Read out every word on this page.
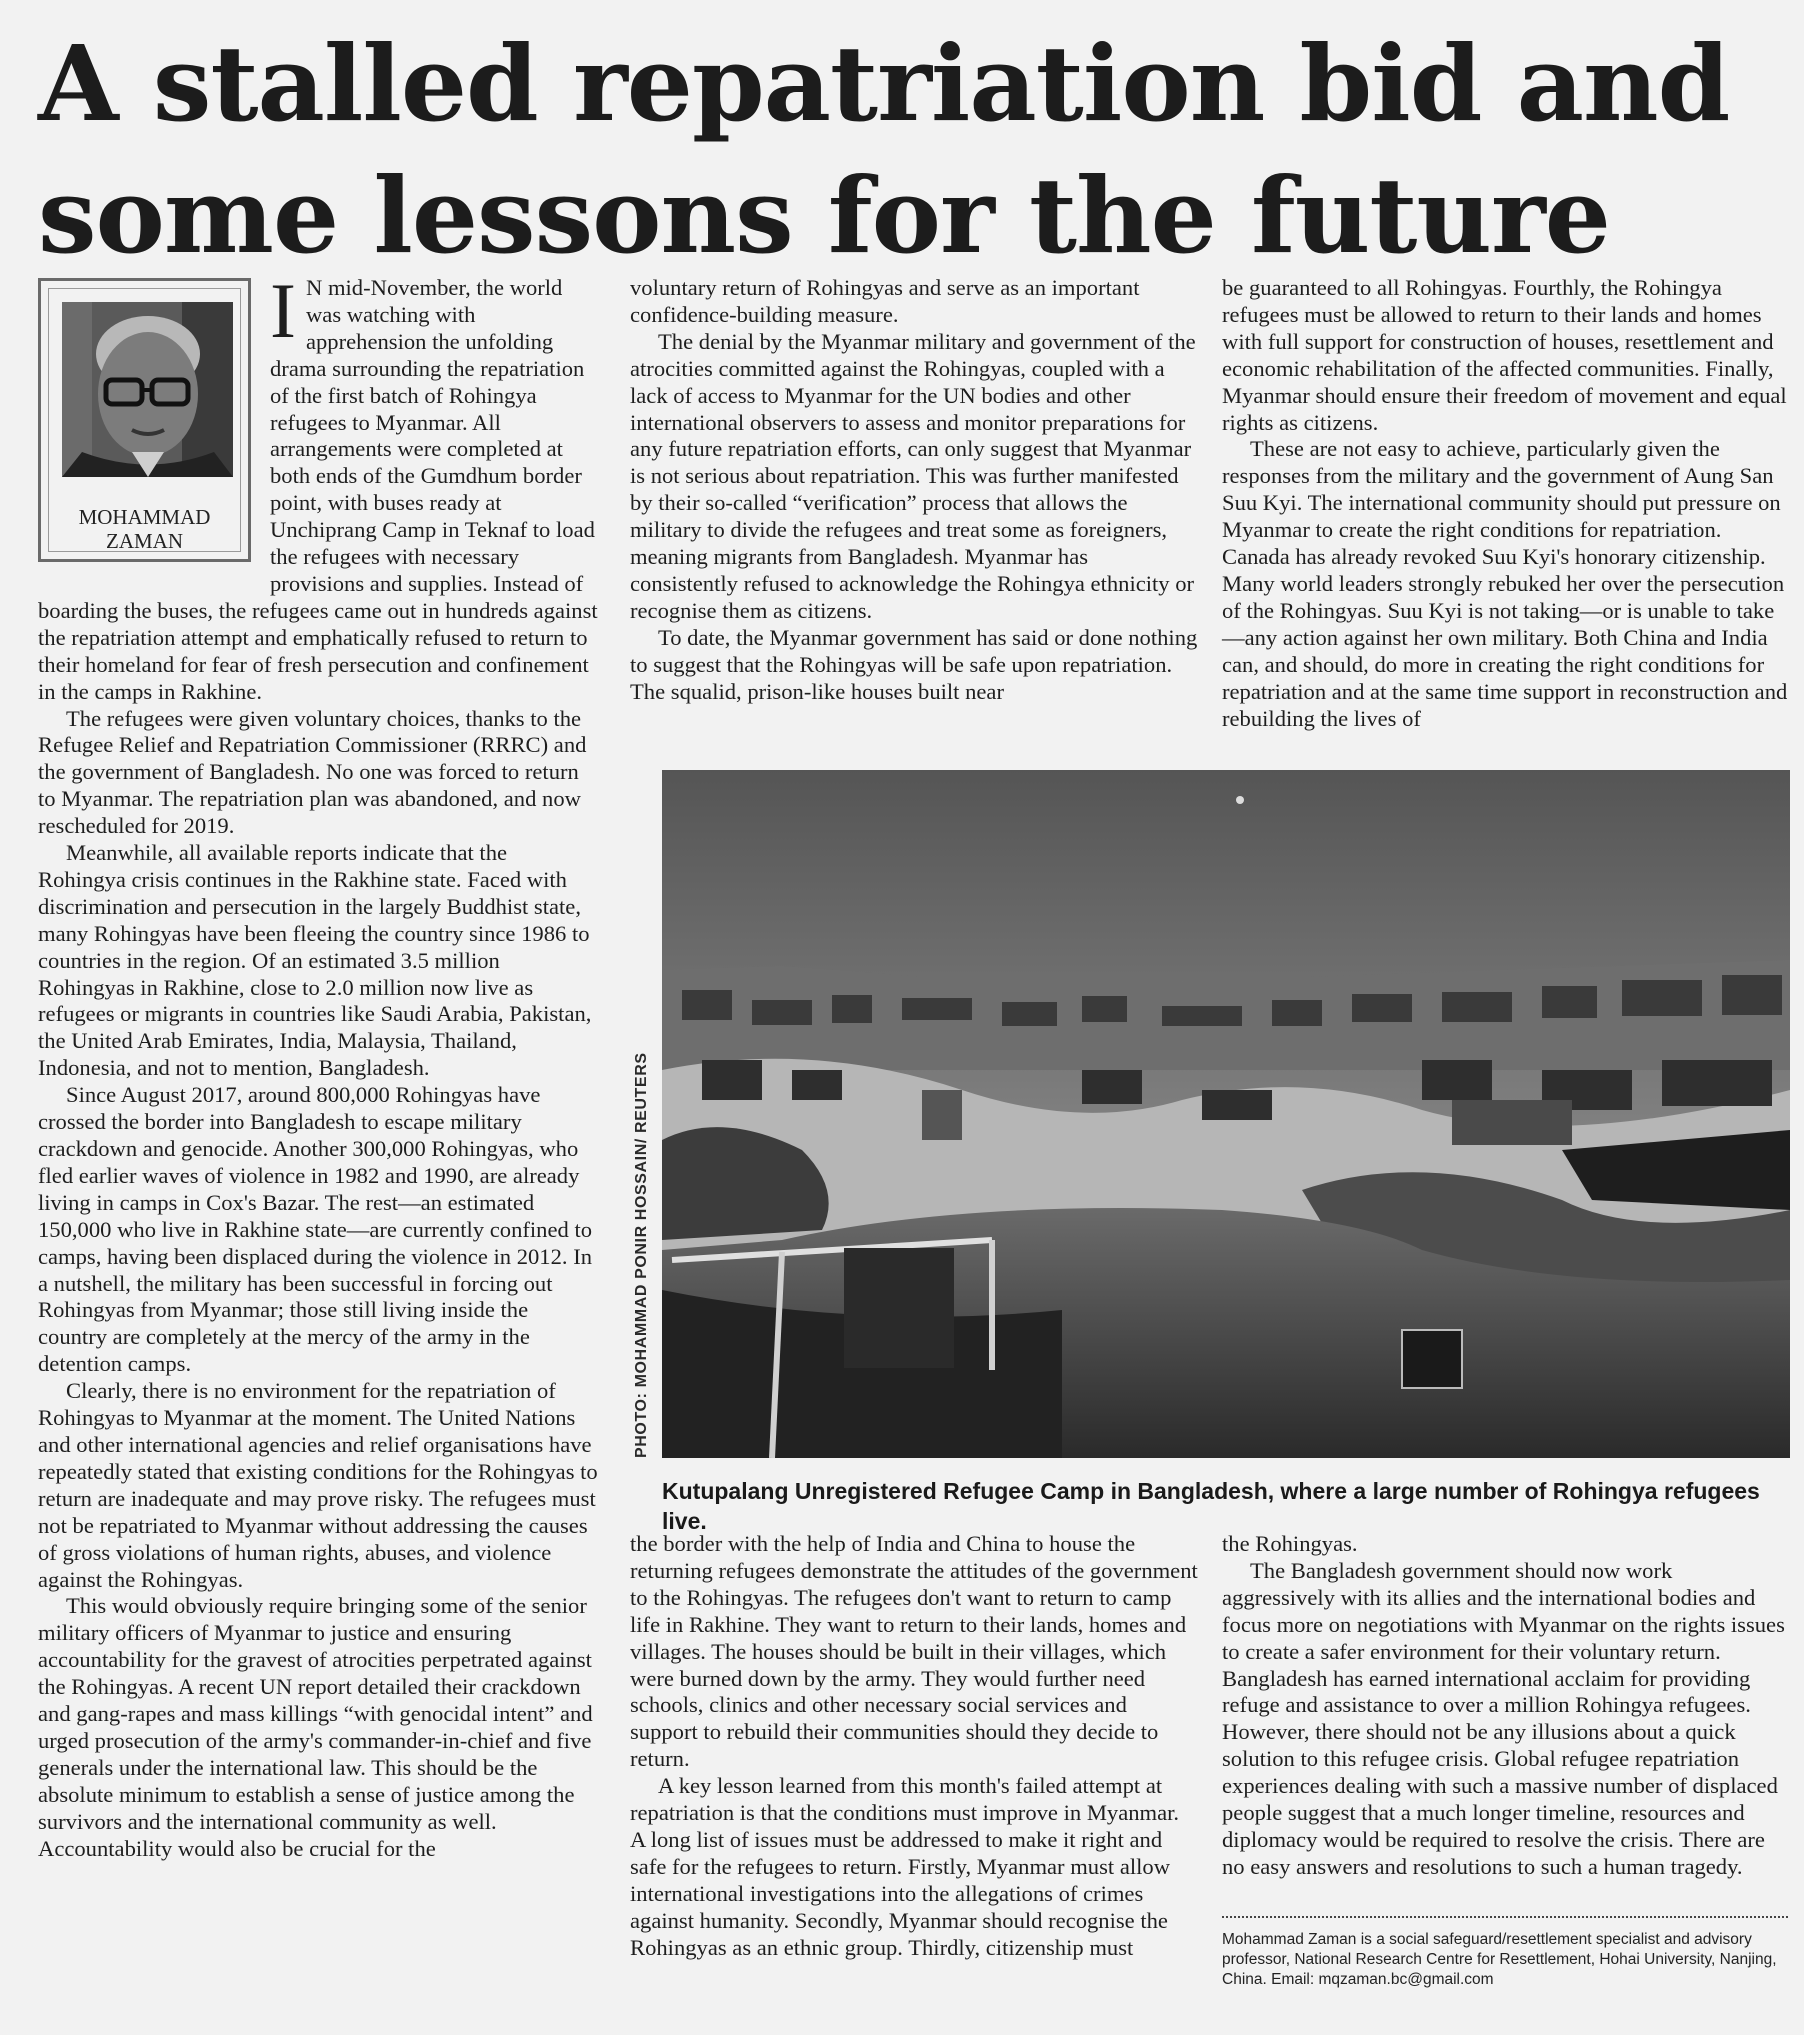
A stalled repatriation bid and some lessons for the future
MOHAMMAD
ZAMAN
I N mid-November, the world was watching with apprehension the unfolding drama surrounding the repatriation of the first batch of Rohingya refugees to Myanmar. All arrangements were completed at both ends of the Gumdhum border point, with buses ready at Unchiprang Camp in Teknaf to load the refugees with necessary provisions and supplies. Instead of boarding the buses, the refugees came out in hundreds against the repatriation attempt and emphatically refused to return to their homeland for fear of fresh persecution and confinement in the camps in Rakhine.

The refugees were given voluntary choices, thanks to the Refugee Relief and Repatriation Commissioner (RRRC) and the government of Bangladesh. No one was forced to return to Myanmar. The repatriation plan was abandoned, and now rescheduled for 2019.

Meanwhile, all available reports indicate that the Rohingya crisis continues in the Rakhine state. Faced with discrimination and persecution in the largely Buddhist state, many Rohingyas have been fleeing the country since 1986 to countries in the region. Of an estimated 3.5 million Rohingyas in Rakhine, close to 2.0 million now live as refugees or migrants in countries like Saudi Arabia, Pakistan, the United Arab Emirates, India, Malaysia, Thailand, Indonesia, and not to mention, Bangladesh.

Since August 2017, around 800,000 Rohingyas have crossed the border into Bangladesh to escape military crackdown and genocide. Another 300,000 Rohingyas, who fled earlier waves of violence in 1982 and 1990, are already living in camps in Cox's Bazar. The rest—an estimated 150,000 who live in Rakhine state—are currently confined to camps, having been displaced during the violence in 2012. In a nutshell, the military has been successful in forcing out Rohingyas from Myanmar; those still living inside the country are completely at the mercy of the army in the detention camps.

Clearly, there is no environment for the repatriation of Rohingyas to Myanmar at the moment. The United Nations and other international agencies and relief organisations have repeatedly stated that existing conditions for the Rohingyas to return are inadequate and may prove risky. The refugees must not be repatriated to Myanmar without addressing the causes of gross violations of human rights, abuses, and violence against the Rohingyas.

This would obviously require bringing some of the senior military officers of Myanmar to justice and ensuring accountability for the gravest of atrocities perpetrated against the Rohingyas. A recent UN report detailed their crackdown and gang-rapes and mass killings “with genocidal intent” and urged prosecution of the army's commander-in-chief and five generals under the international law. This should be the absolute minimum to establish a sense of justice among the survivors and the international community as well. Accountability would also be crucial for the

voluntary return of Rohingyas and serve as an important confidence-building measure.

The denial by the Myanmar military and government of the atrocities committed against the Rohingyas, coupled with a lack of access to Myanmar for the UN bodies and other international observers to assess and monitor preparations for any future repatriation efforts, can only suggest that Myanmar is not serious about repatriation. This was further manifested by their so-called “verification” process that allows the military to divide the refugees and treat some as foreigners, meaning migrants from Bangladesh. Myanmar has consistently refused to acknowledge the Rohingya ethnicity or recognise them as citizens.

To date, the Myanmar government has said or done nothing to suggest that the Rohingyas will be safe upon repatriation. The squalid, prison-like houses built near

be guaranteed to all Rohingyas. Fourthly, the Rohingya refugees must be allowed to return to their lands and homes with full support for construction of houses, resettlement and economic rehabilitation of the affected communities. Finally, Myanmar should ensure their freedom of movement and equal rights as citizens.

These are not easy to achieve, particularly given the responses from the military and the government of Aung San Suu Kyi. The international community should put pressure on Myanmar to create the right conditions for repatriation. Canada has already revoked Suu Kyi's honorary citizenship. Many world leaders strongly rebuked her over the persecution of the Rohingyas. Suu Kyi is not taking—or is unable to take—any action against her own military. Both China and India can, and should, do more in creating the right conditions for repatriation and at the same time support in reconstruction and rebuilding the lives of

PHOTO: MOHAMMAD PONIR HOSSAIN/ REUTERS
Kutupalang Unregistered Refugee Camp in Bangladesh, where a large number of Rohingya refugees live.

the border with the help of India and China to house the returning refugees demonstrate the attitudes of the government to the Rohingyas. The refugees don't want to return to camp life in Rakhine. They want to return to their lands, homes and villages. The houses should be built in their villages, which were burned down by the army. They would further need schools, clinics and other necessary social services and support to rebuild their communities should they decide to return.

A key lesson learned from this month's failed attempt at repatriation is that the conditions must improve in Myanmar. A long list of issues must be addressed to make it right and safe for the refugees to return. Firstly, Myanmar must allow international investigations into the allegations of crimes against humanity. Secondly, Myanmar should recognise the Rohingyas as an ethnic group. Thirdly, citizenship must

the Rohingyas.

The Bangladesh government should now work aggressively with its allies and the international bodies and focus more on negotiations with Myanmar on the rights issues to create a safer environment for their voluntary return. Bangladesh has earned international acclaim for providing refuge and assistance to over a million Rohingya refugees. However, there should not be any illusions about a quick solution to this refugee crisis. Global refugee repatriation experiences dealing with such a massive number of displaced people suggest that a much longer timeline, resources and diplomacy would be required to resolve the crisis. There are no easy answers and resolutions to such a human tragedy.

Mohammad Zaman is a social safeguard/resettlement specialist and advisory professor, National Research Centre for Resettlement, Hohai University, Nanjing, China. Email: mqzaman.bc@gmail.com
